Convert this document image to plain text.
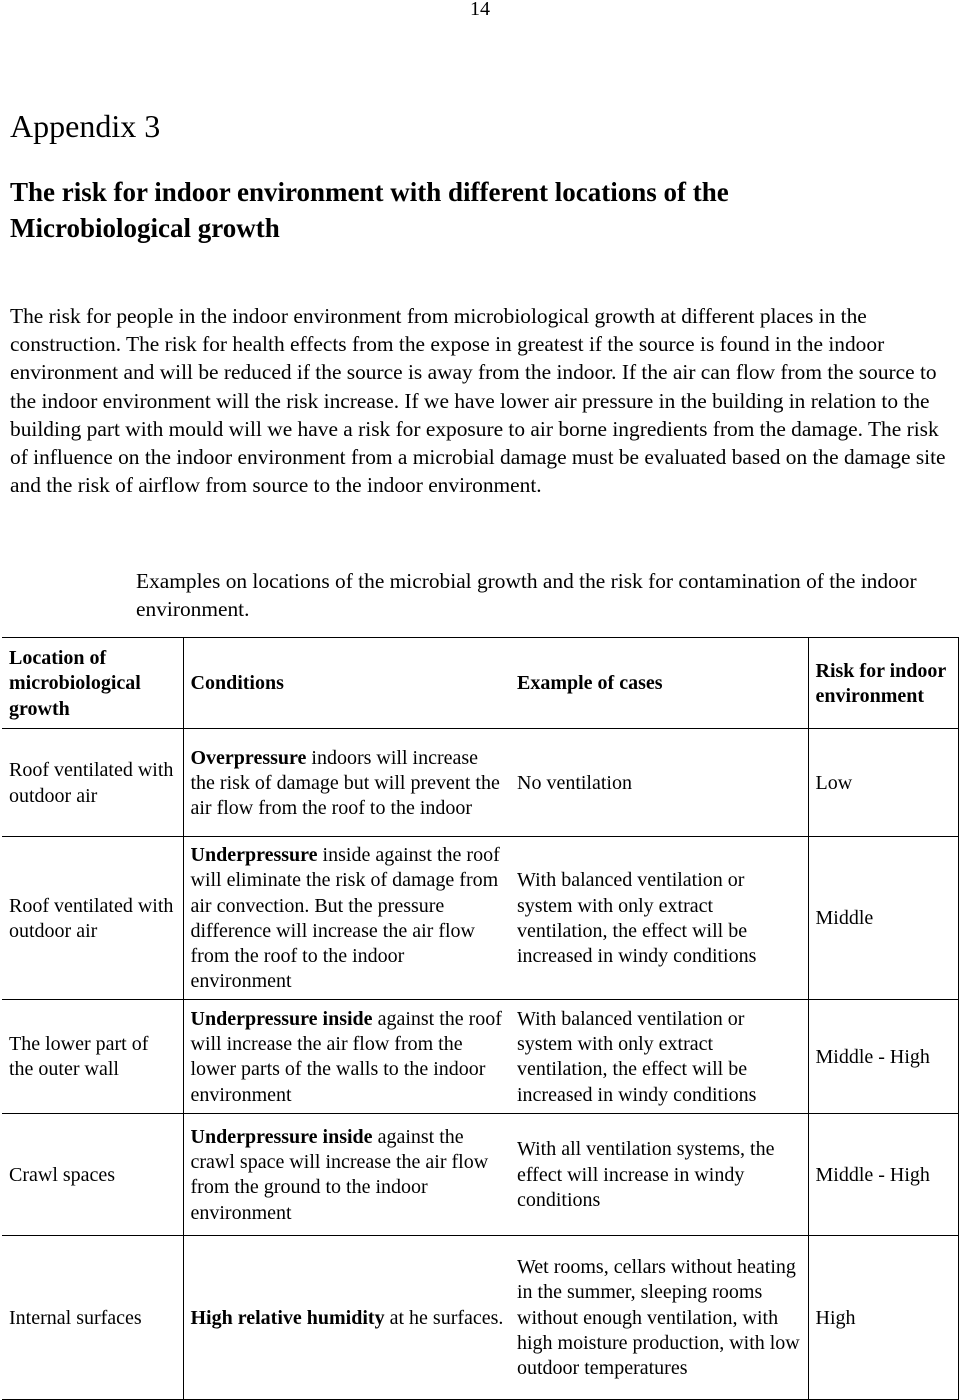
14
Appendix 3
The risk for indoor environment with different locations of the Microbiological growth

The risk for people in the indoor environment from microbiological growth at different places in the construction. The risk for health effects from the expose in greatest if the source is found in the indoor environment and will be reduced if the source is away from the indoor. If the air can flow from the source to the indoor environment will the risk increase. If we have lower air pressure in the building in relation to the building part with mould will we have a risk for exposure to air borne ingredients from the damage. The risk of influence on the indoor environment from a microbial damage must be evaluated based on the damage site and the risk of airflow from source to the indoor environment.

Examples on locations of the microbial growth and the risk for contamination of the indoor environment.

Location of microbiological growth	Conditions	Example of cases	Risk for indoor environment
Roof ventilated with outdoor air	Overpressure indoors will increase the risk of damage but will prevent the air flow from the roof to the indoor	No ventilation	Low
Roof ventilated with outdoor air	Underpressure inside against the roof will eliminate the risk of damage from air convection. But the pressure difference will increase the air flow from the roof to the indoor environment	With balanced ventilation or system with only extract ventilation, the effect will be increased in windy conditions	Middle
The lower part of the outer wall	Underpressure inside against the roof will increase the air flow from the lower parts of the walls to the indoor environment	With balanced ventilation or system with only extract ventilation, the effect will be increased in windy conditions	Middle - High
Crawl spaces	Underpressure inside against the crawl space will increase the air flow from the ground to the indoor environment	With all ventilation systems, the effect will increase in windy conditions	Middle - High
Internal surfaces	High relative humidity at he surfaces.	Wet rooms, cellars without heating in the summer, sleeping rooms without enough ventilation, with high moisture production, with low outdoor temperatures	High
